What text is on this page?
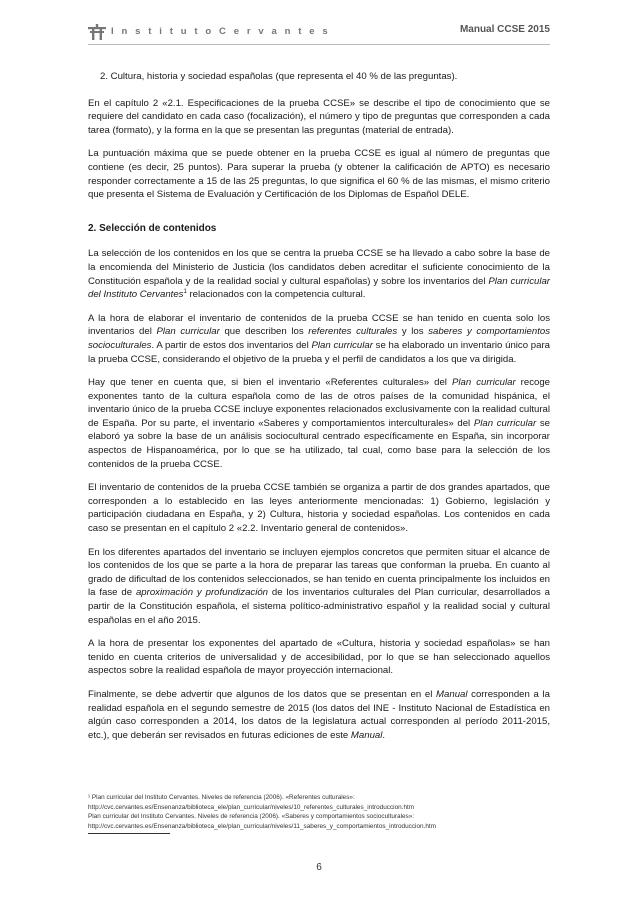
I n s t i t u t o C e r v a n t e s	Manual CCSE 2015

2. Cultura, historia y sociedad españolas (que representa el 40 % de las preguntas).

En el capítulo 2 «2.1. Especificaciones de la prueba CCSE» se describe el tipo de conocimiento que se requiere del candidato en cada caso (focalización), el número y tipo de preguntas que corresponden a cada tarea (formato), y la forma en la que se presentan las preguntas (material de entrada).

La puntuación máxima que se puede obtener en la prueba CCSE es igual al número de preguntas que contiene (es decir, 25 puntos). Para superar la prueba (y obtener la calificación de APTO) es necesario responder correctamente a 15 de las 25 preguntas, lo que significa el 60 % de las mismas, el mismo criterio que presenta el Sistema de Evaluación y Certificación de los Diplomas de Español DELE.

2. Selección de contenidos

La selección de los contenidos en los que se centra la prueba CCSE se ha llevado a cabo sobre la base de la encomienda del Ministerio de Justicia (los candidatos deben acreditar el suficiente conocimiento de la Constitución española y de la realidad social y cultural españolas) y sobre los inventarios del Plan curricular del Instituto Cervantes$^1$ relacionados con la competencia cultural.

A la hora de elaborar el inventario de contenidos de la prueba CCSE se han tenido en cuenta solo los inventarios del Plan curricular que describen los referentes culturales y los saberes y comportamientos socioculturales. A partir de estos dos inventarios del Plan curricular se ha elaborado un inventario único para la prueba CCSE, considerando el objetivo de la prueba y el perfil de candidatos a los que va dirigida.

Hay que tener en cuenta que, si bien el inventario «Referentes culturales» del Plan curricular recoge exponentes tanto de la cultura española como de las de otros países de la comunidad hispánica, el inventario único de la prueba CCSE incluye exponentes relacionados exclusivamente con la realidad cultural de España. Por su parte, el inventario «Saberes y comportamientos interculturales» del Plan curricular se elaboró ya sobre la base de un análisis sociocultural centrado específicamente en España, sin incorporar aspectos de Hispanoamérica, por lo que se ha utilizado, tal cual, como base para la selección de los contenidos de la prueba CCSE.

El inventario de contenidos de la prueba CCSE también se organiza a partir de dos grandes apartados, que corresponden a lo establecido en las leyes anteriormente mencionadas: 1) Gobierno, legislación y participación ciudadana en España, y 2) Cultura, historia y sociedad españolas. Los contenidos en cada caso se presentan en el capítulo 2 «2.2. Inventario general de contenidos».

En los diferentes apartados del inventario se incluyen ejemplos concretos que permiten situar el alcance de los contenidos de los que se parte a la hora de preparar las tareas que conforman la prueba. En cuanto al grado de dificultad de los contenidos seleccionados, se han tenido en cuenta principalmente los incluidos en la fase de aproximación y profundización de los inventarios culturales del Plan curricular, desarrollados a partir de la Constitución española, el sistema político-administrativo español y la realidad social y cultural españolas en el año 2015.

A la hora de presentar los exponentes del apartado de «Cultura, historia y sociedad españolas» se han tenido en cuenta criterios de universalidad y de accesibilidad, por lo que se han seleccionado aquellos aspectos sobre la realidad española de mayor proyección internacional.

Finalmente, se debe advertir que algunos de los datos que se presentan en el Manual corresponden a la realidad española en el segundo semestre de 2015 (los datos del INE - Instituto Nacional de Estadística en algún caso corresponden a 2014, los datos de la legislatura actual corresponden al período 2011-2015, etc.), que deberán ser revisados en futuras ediciones de este Manual.

¹ Plan curricular del Instituto Cervantes. Niveles de referencia (2006). «Referentes culturales»:
http://cvc.cervantes.es/Ensenanza/biblioteca_ele/plan_curricular/niveles/10_referentes_culturales_introduccion.htm
Plan curricular del Instituto Cervantes. Niveles de referencia (2006). «Saberes y comportamientos socioculturales»:
http://cvc.cervantes.es/Ensenanza/biblioteca_ele/plan_curricular/niveles/11_saberes_y_comportamientos_introduccion.htm
6
